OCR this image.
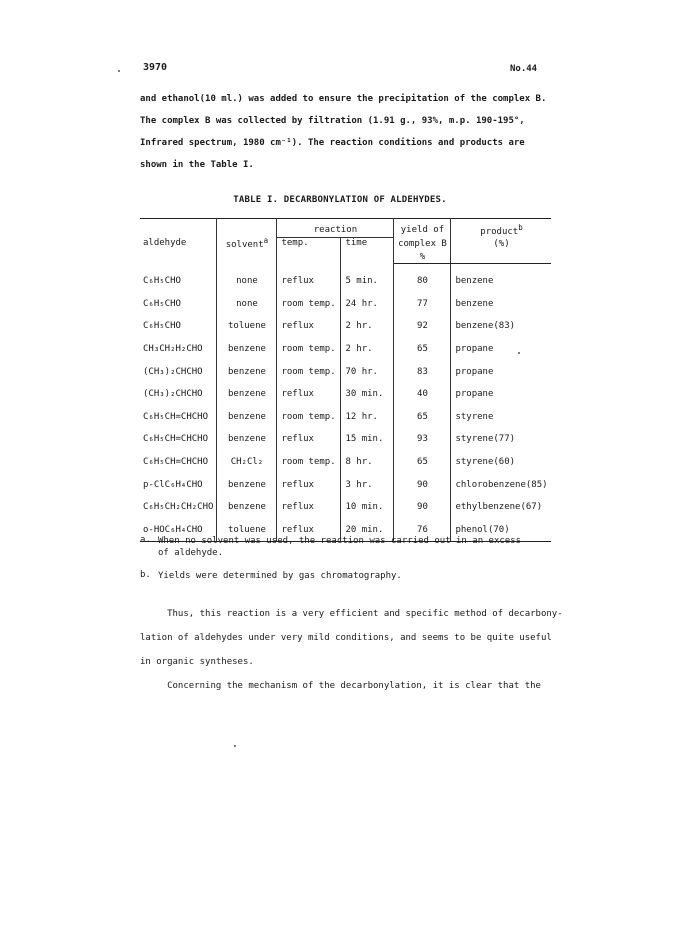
3970	No.44

and ethanol(10 ml.) was added to ensure the precipitation of the complex B.

The complex B was collected by filtration (1.91 g., 93%, m.p. 190-195°,

Infrared spectrum, 1980 cm⁻¹). The reaction conditions and products are

shown in the Table I.

TABLE I. DECARBONYLATION OF ALDEHYDES.
aldehyde	solvent$^a$	reaction		yield of	product$^b$
		temp.	time	complex B	(%)
				%	
C₆H₅CHO	none	reflux	5 min.	80	benzene
C₆H₅CHO	none	room temp.	24 hr.	77	benzene
C₆H₅CHO	toluene	reflux	2 hr.	92	benzene(83)
CH₃CH₂H₂CHO	benzene	room temp.	2 hr.	65	propane
(CH₃)₂CHCHO	benzene	room temp.	70 hr.	83	propane
(CH₃)₂CHCHO	benzene	reflux	30 min.	40	propane
C₆H₅CH=CHCHO	benzene	room temp.	12 hr.	65	styrene
C₆H₅CH=CHCHO	benzene	reflux	15 min.	93	styrene(77)
C₆H₅CH=CHCHO	CH₂Cl₂	room temp.	8 hr.	65	styrene(60)
p-ClC₆H₄CHO	benzene	reflux	3 hr.	90	chlorobenzene(85)
C₆H₅CH₂CH₂CHO	benzene	reflux	10 min.	90	ethylbenzene(67)
o-HOC₆H₄CHO	toluene	reflux	20 min.	76	phenol(70)
a. When no solvent was used, the reaction was carried out in an excess
of aldehyde.
b. Yields were determined by gas chromatography.

Thus, this reaction is a very efficient and specific method of decarbony-

lation of aldehydes under very mild conditions, and seems to be quite useful

in organic syntheses.

Concerning the mechanism of the decarbonylation, it is clear that the
